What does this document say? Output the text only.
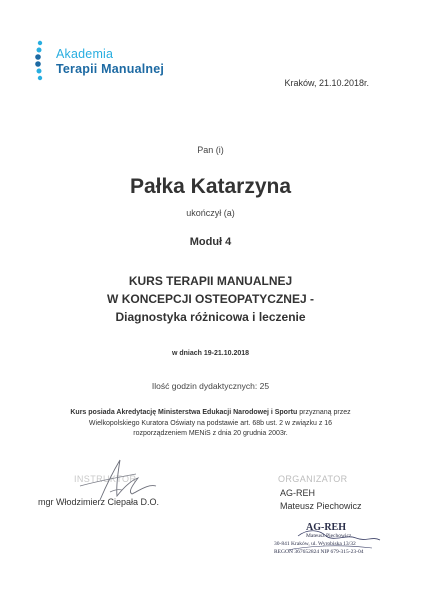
Akademia
Terapii Manualnej
Kraków, 21.10.2018r.
Pan (i)
Pałka Katarzyna
ukończył (a)
Moduł 4
KURS TERAPII MANUALNEJ
W KONCEPCJI OSTEOPATYCZNEJ -
Diagnostyka różnicowa i leczenie
w dniach 19-21.10.2018
Ilość godzin dydaktycznych: 25
Kurs posiada Akredytację Ministerstwa Edukacji Narodowej i Sportu przyznaną przez
Wielkopolskiego Kuratora Oświaty na podstawie art. 68b ust. 2 w związku z 16
rozporządzeniem MENiS z dnia 20 grudnia 2003r.
INSTRUKTOR
mgr Włodzimierz Ciepała D.O.
ORGANIZATOR
AG-REH
Mateusz Piechowicz
AG-REH
Mateusz Piechowicz
30-841 Kraków, ul. Wyrobiska 13/32
REGON 367652824 NIP 679-315-23-04
